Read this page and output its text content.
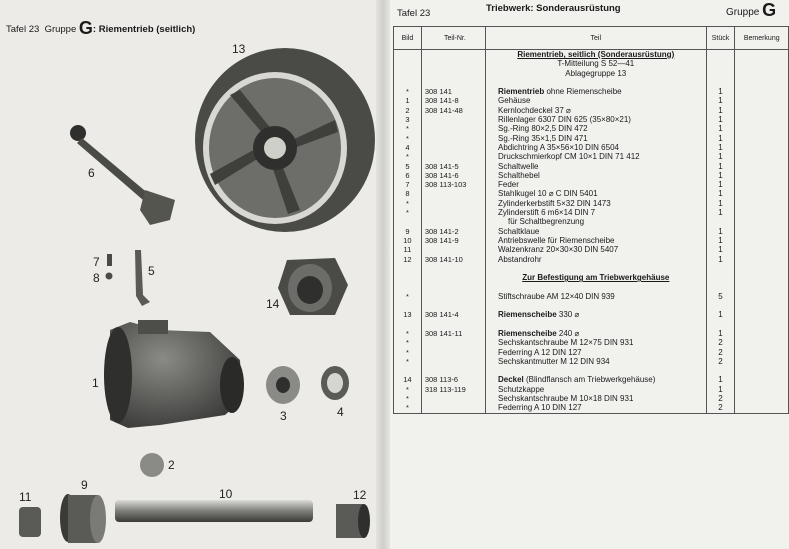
Tafel 23 Gruppe G: Riementrieb (seitlich)
13
6
7
8	5
14
1
3	4
2
11
9
10	12
Tafel 23	Triebwerk: Sonderausrüstung	Gruppe G
Bild	Teil-Nr.	Teil	Stück	Bemerkung
		Riementrieb, seitlich (Sonderausrüstung)		
		T-Mitteilung S 52—41		
		Ablagegruppe 13		

*	308 141	Riementrieb ohne Riemenscheibe	1	
1	308 141-8	Gehäuse	1	
2	308 141-48	Kernlochdeckel 37 ⌀	1	
3		Rillenlager 6307 DIN 625 (35×80×21)	1	
*		Sg.-Ring 80×2,5 DIN 472	1	
*		Sg.-Ring 35×1,5 DIN 471	1	
4		Abdichtring A 35×56×10 DIN 6504	1	
*		Druckschmierkopf CM 10×1 DIN 71 412	1	
5	308 141-5	Schaltwelle	1	
6	308 141-6	Schalthebel	1	
7	308 113-103	Feder	1	
8		Stahlkugel 10 ⌀ C DIN 5401	1	
*		Zylinderkerbstift 5×32 DIN 1473	1	
*		Zylinderstift 6 m6×14 DIN 7	1	
		für Schaltbegrenzung		
9	308 141-2	Schaltklaue	1	
10	308 141-9	Antriebswelle für Riemenscheibe	1	
11		Walzenkranz 20×30×30 DIN 5407	1	
12	308 141-10	Abstandrohr	1	

		Zur Befestigung am Triebwerkgehäuse		

*		Stiftschraube AM 12×40 DIN 939	5	

13	308 141-4	Riemenscheibe 330 ⌀	1	

*	308 141-11	Riemenscheibe 240 ⌀	1	
*		Sechskantschraube M 12×75 DIN 931	2	
*		Federring A 12 DIN 127	2	
*		Sechskantmutter M 12 DIN 934	2	

14	308 113-6	Deckel (Blindflansch am Triebwerkgehäuse)	1	
*	318 113-119	Schutzkappe	1	
*		Sechskantschraube M 10×18 DIN 931	2	
*		Federring A 10 DIN 127	2	
